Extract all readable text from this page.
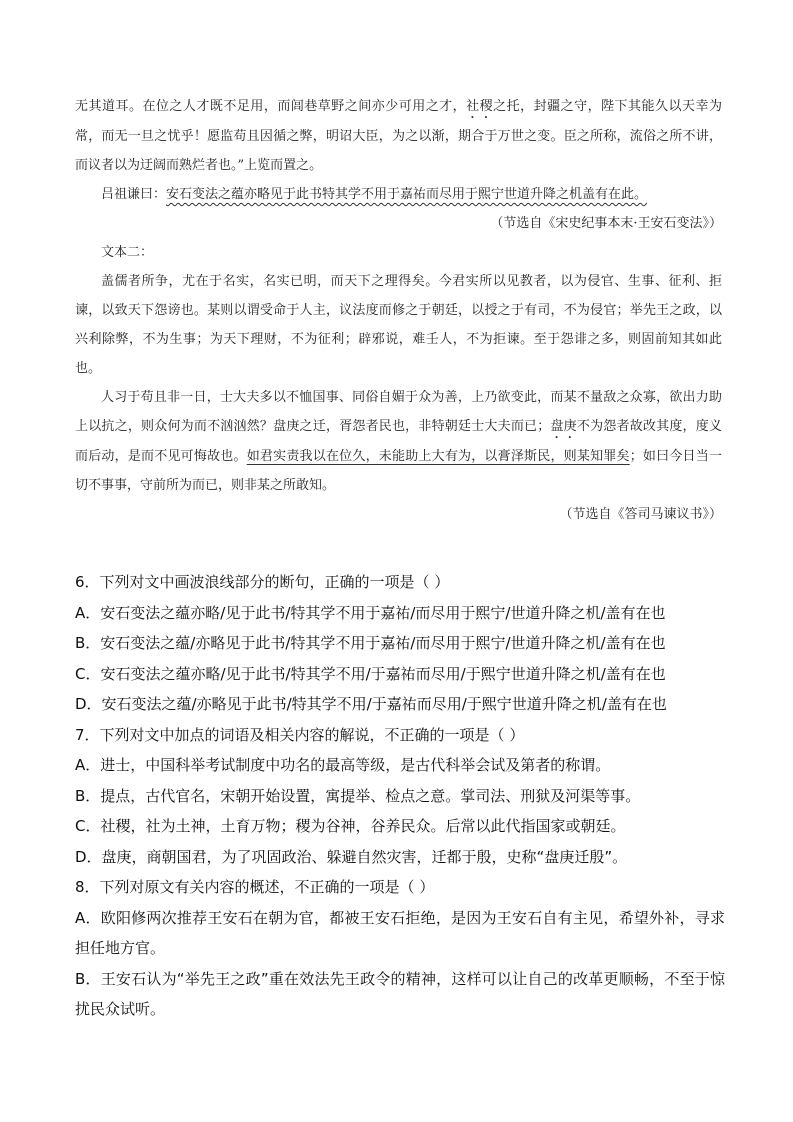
无其道耳。在位之人才既不足用，而闾巷草野之间亦少可用之才，社稷之托，封疆之守，陛下其能久以天幸为常，而无一旦之忧乎！愿监苟且因循之弊，明诏大臣，为之以渐，期合于万世之变。臣之所称，流俗之所不讲，而议者以为迂阔而熟烂者也。”上览而置之。

吕祖谦曰：安石变法之蕴亦略见于此书特其学不用于嘉祐而尽用于熙宁世道升降之机盖有在此。

（节选自《宋史纪事本末·王安石变法》）

文本二：

盖儒者所争，尤在于名实，名实已明，而天下之理得矣。今君实所以见教者，以为侵官、生事、征利、拒谏，以致天下怨谤也。某则以谓受命于人主，议法度而修之于朝廷，以授之于有司，不为侵官；举先王之政，以兴利除弊，不为生事；为天下理财，不为征利；辟邪说，难壬人，不为拒谏。至于怨诽之多，则固前知其如此也。

人习于苟且非一日，士大夫多以不恤国事、同俗自媚于众为善，上乃欲变此，而某不量敌之众寡，欲出力助上以抗之，则众何为而不汹汹然？盘庚之迁，胥怨者民也，非特朝廷士大夫而已；盘庚不为怨者故改其度，度义而后动，是而不见可悔故也。如君实责我以在位久，未能助上大有为，以膏泽斯民，则某知罪矣；如曰今日当一切不事事，守前所为而已，则非某之所敢知。

（节选自《答司马谏议书》）

6．下列对文中画波浪线部分的断句，正确的一项是（ ）

A．安石变法之蕴亦略/见于此书/特其学不用于嘉祐/而尽用于熙宁/世道升降之机/盖有在也

B．安石变法之蕴/亦略见于此书/特其学不用于嘉祐/而尽用于熙宁/世道升降之机/盖有在也

C．安石变法之蕴亦略/见于此书/特其学不用/于嘉祐而尽用/于熙宁世道升降之机/盖有在也

D．安石变法之蕴/亦略见于此书/特其学不用/于嘉祐而尽用/于熙宁世道升降之机/盖有在也

7．下列对文中加点的词语及相关内容的解说，不正确的一项是（ ）

A．进士，中国科举考试制度中功名的最高等级，是古代科举会试及第者的称谓。

B．提点，古代官名，宋朝开始设置，寓提举、检点之意。掌司法、刑狱及河渠等事。

C．社稷，社为土神，土育万物；稷为谷神，谷养民众。后常以此代指国家或朝廷。

D．盘庚，商朝国君，为了巩固政治、躲避自然灾害，迁都于殷，史称“盘庚迁殷”。

8．下列对原文有关内容的概述，不正确的一项是（ ）

A．欧阳修两次推荐王安石在朝为官，都被王安石拒绝，是因为王安石自有主见，希望外补，寻求担任地方官。

B．王安石认为“举先王之政”重在效法先王政令的精神，这样可以让自己的改革更顺畅，不至于惊扰民众试听。
